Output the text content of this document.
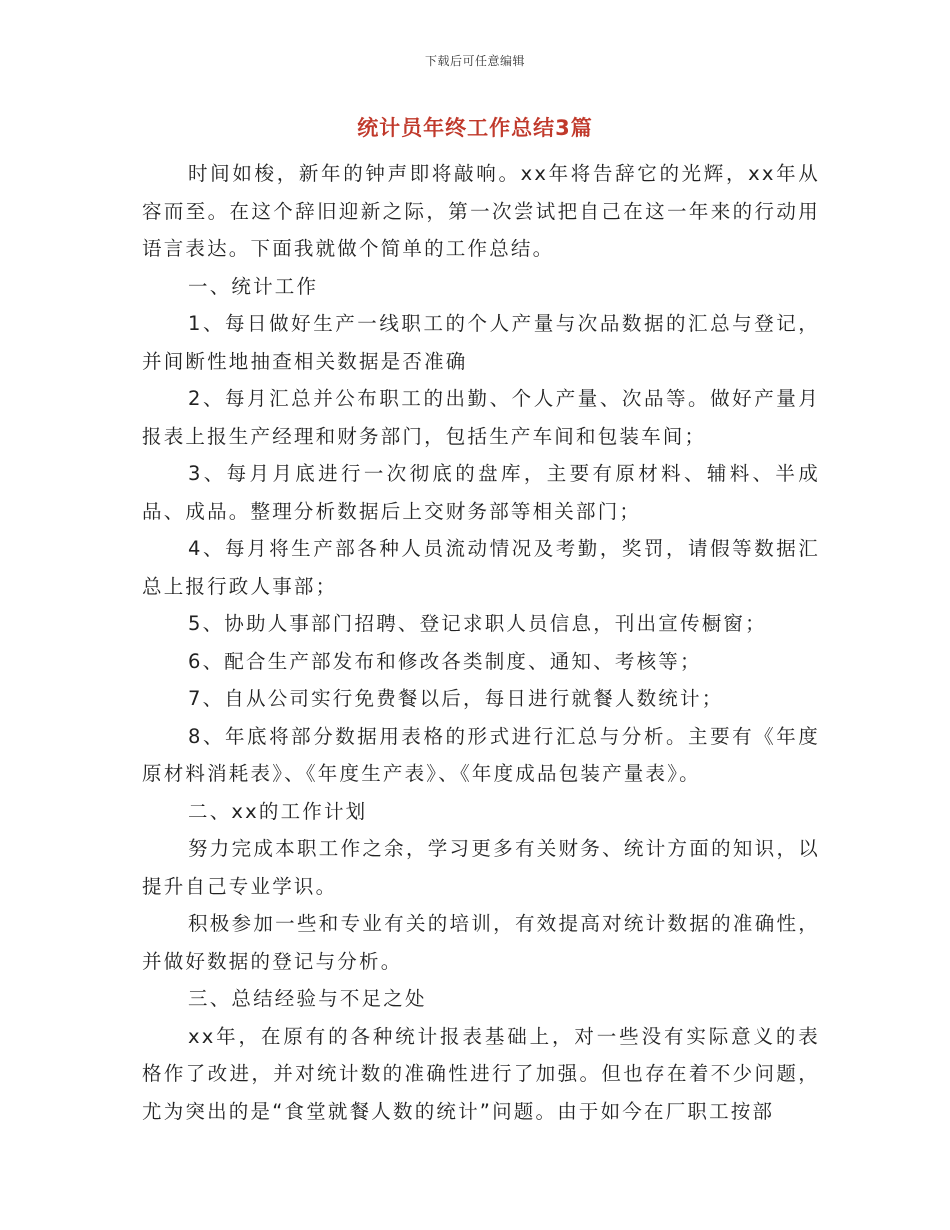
下载后可任意编辑
统计员年终工作总结3篇

时间如梭，新年的钟声即将敲响。xx年将告辞它的光辉，xx年从容而至。在这个辞旧迎新之际，第一次尝试把自己在这一年来的行动用语言表达。下面我就做个简单的工作总结。

一、统计工作

1、每日做好生产一线职工的个人产量与次品数据的汇总与登记，并间断性地抽查相关数据是否准确

2、每月汇总并公布职工的出勤、个人产量、次品等。做好产量月报表上报生产经理和财务部门，包括生产车间和包装车间；

3、每月月底进行一次彻底的盘库，主要有原材料、辅料、半成品、成品。整理分析数据后上交财务部等相关部门；

4、每月将生产部各种人员流动情况及考勤，奖罚，请假等数据汇总上报行政人事部；

5、协助人事部门招聘、登记求职人员信息，刊出宣传橱窗；

6、配合生产部发布和修改各类制度、通知、考核等；

7、自从公司实行免费餐以后，每日进行就餐人数统计；

8、年底将部分数据用表格的形式进行汇总与分析。主要有《年度原材料消耗表》、《年度生产表》、《年度成品包装产量表》。

二、xx的工作计划

努力完成本职工作之余，学习更多有关财务、统计方面的知识，以提升自己专业学识。

积极参加一些和专业有关的培训，有效提高对统计数据的准确性，并做好数据的登记与分析。

三、总结经验与不足之处

xx年，在原有的各种统计报表基础上，对一些没有实际意义的表格作了改进，并对统计数的准确性进行了加强。但也存在着不少问题，尤为突出的是“食堂就餐人数的统计”问题。由于如今在厂职工按部
